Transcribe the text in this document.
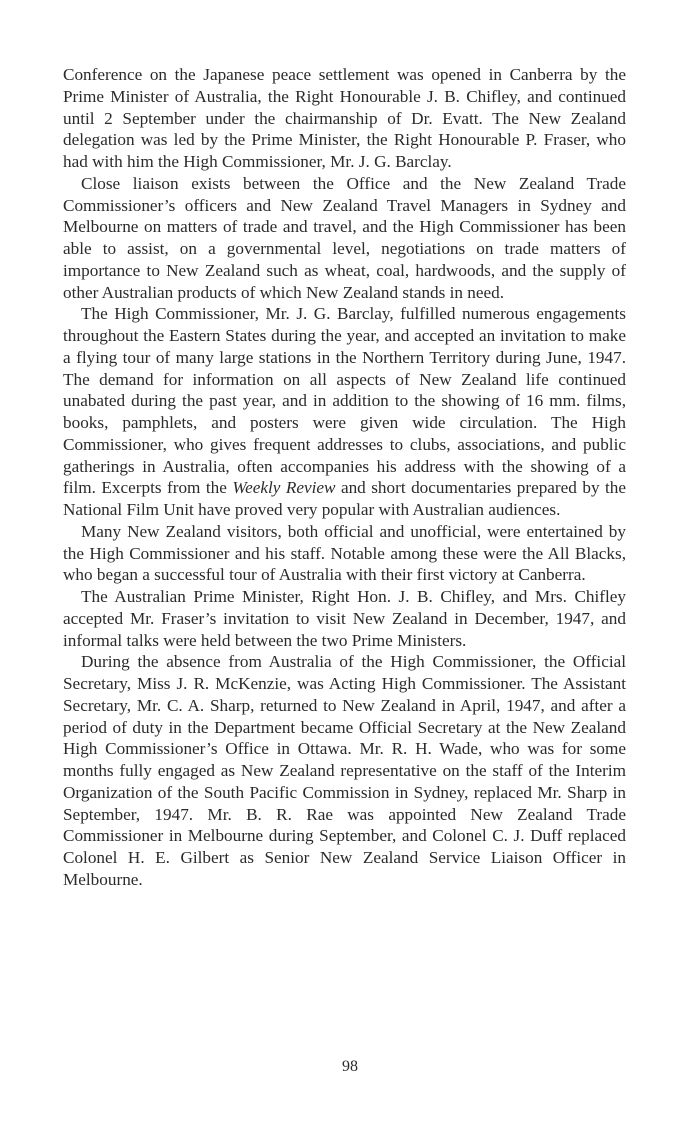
Conference on the Japanese peace settlement was opened in Canberra by the Prime Minister of Australia, the Right Honourable J. B. Chifley, and continued until 2 September under the chairmanship of Dr. Evatt. The New Zealand delegation was led by the Prime Minister, the Right Honourable P. Fraser, who had with him the High Commissioner, Mr. J. G. Barclay.

Close liaison exists between the Office and the New Zealand Trade Commissioner’s officers and New Zealand Travel Managers in Sydney and Melbourne on matters of trade and travel, and the High Commissioner has been able to assist, on a governmental level, negotiations on trade matters of importance to New Zealand such as wheat, coal, hardwoods, and the supply of other Australian products of which New Zealand stands in need.

The High Commissioner, Mr. J. G. Barclay, fulfilled numerous engagements throughout the Eastern States during the year, and accepted an invitation to make a flying tour of many large stations in the Northern Territory during June, 1947. The demand for information on all aspects of New Zealand life continued unabated during the past year, and in addition to the showing of 16 mm. films, books, pamphlets, and posters were given wide circulation. The High Commissioner, who gives frequent addresses to clubs, associations, and public gatherings in Australia, often accompanies his address with the showing of a film. Excerpts from the Weekly Review and short documentaries prepared by the National Film Unit have proved very popular with Australian audiences.

Many New Zealand visitors, both official and unofficial, were entertained by the High Commissioner and his staff. Notable among these were the All Blacks, who began a successful tour of Australia with their first victory at Canberra.

The Australian Prime Minister, Right Hon. J. B. Chifley, and Mrs. Chifley accepted Mr. Fraser’s invitation to visit New Zealand in December, 1947, and informal talks were held between the two Prime Ministers.

During the absence from Australia of the High Commissioner, the Official Secretary, Miss J. R. McKenzie, was Acting High Commissioner. The Assistant Secretary, Mr. C. A. Sharp, returned to New Zealand in April, 1947, and after a period of duty in the Department became Official Secretary at the New Zealand High Commissioner’s Office in Ottawa. Mr. R. H. Wade, who was for some months fully engaged as New Zealand representative on the staff of the Interim Organization of the South Pacific Commission in Sydney, replaced Mr. Sharp in September, 1947. Mr. B. R. Rae was appointed New Zealand Trade Commissioner in Melbourne during September, and Colonel C. J. Duff replaced Colonel H. E. Gilbert as Senior New Zealand Service Liaison Officer in Melbourne.

98
